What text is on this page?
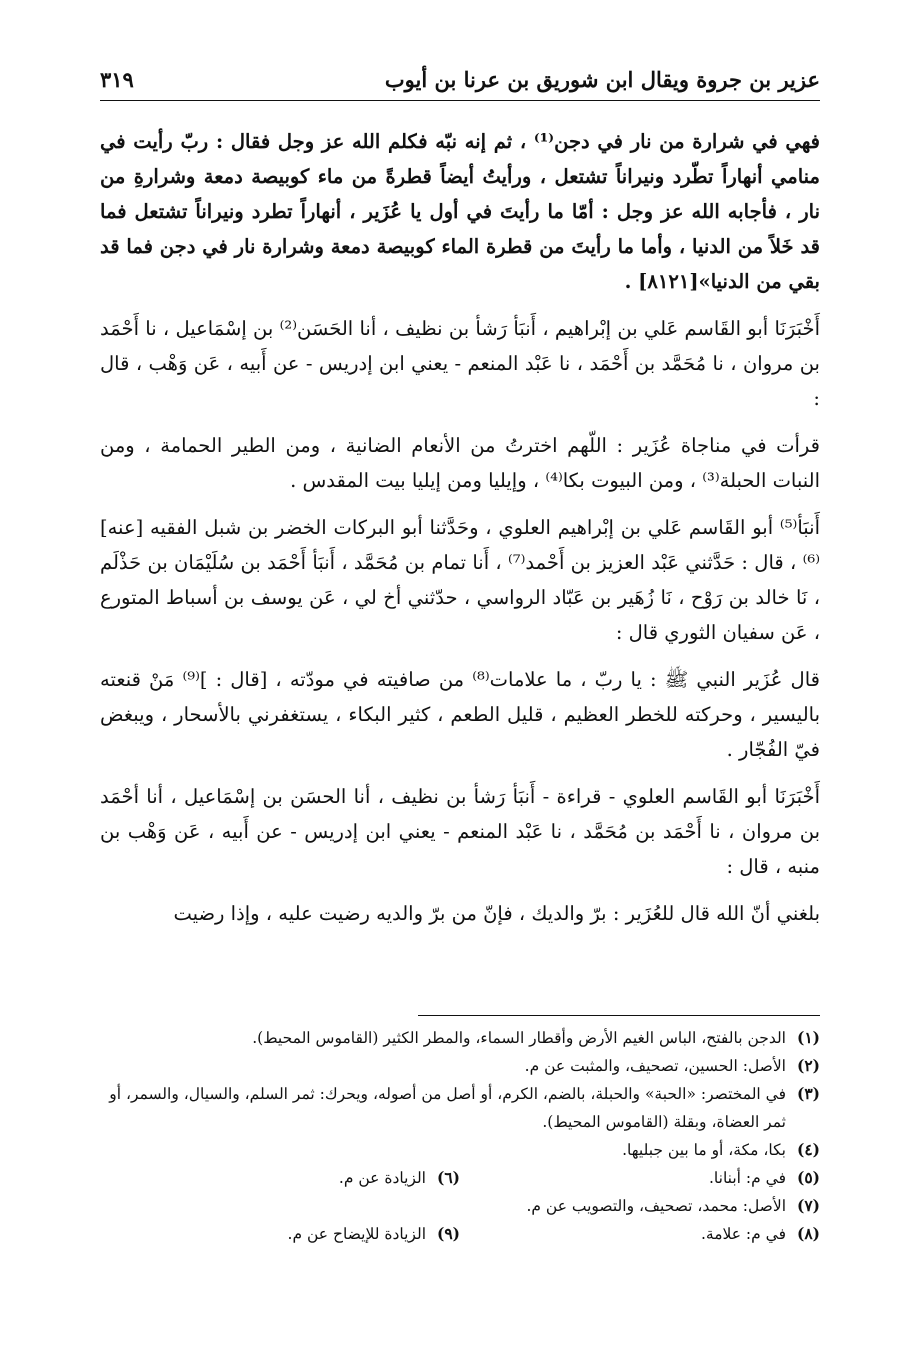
عزير بن جروة ويقال ابن شوريق بن عرنا بن أيوب
٣١٩

فهي في شرارة من نار في دجن⁽¹⁾ ، ثم إنه نبّه فكلم الله عز وجل فقال : ربّ رأيت في منامي أنهاراً تطّرد ونيراناً تشتعل ، ورأيتُ أيضاً قطرةً من ماء كوبيصة دمعة وشرارةِ من نار ، فأجابه الله عز وجل : أمّا ما رأيتَ في أول يا عُزَير ، أنهاراً تطرد ونيراناً تشتعل فما قد خَلاً من الدنيا ، وأما ما رأيتَ من قطرة الماء كوبيصة دمعة وشرارة نار في دجن فما قد بقي من الدنيا»[٨١٢١] .

أَخْبَرَنَا أبو القَاسم عَلي بن إبْراهيم ، أَنبَأ رَشأ بن نظيف ، أنا الحَسَن⁽²⁾ بن إسْمَاعيل ، نا أَحْمَد بن مروان ، نا مُحَمَّد بن أَحْمَد ، نا عَبْد المنعم - يعني ابن إدريس - عن أَبيه ، عَن وَهْب ، قال :

قرأت في مناجاة عُزَير : اللّهم اخترتُ من الأنعام الضانية ، ومن الطير الحمامة ، ومن النبات الحبلة⁽³⁾ ، ومن البيوت بكا⁽⁴⁾ ، وإيليا ومن إيليا بيت المقدس .

أَنبَأ⁽⁵⁾ أبو القَاسم عَلي بن إبْراهيم العلوي ، وحَدَّثنا أبو البركات الخضر بن شبل الفقيه [عنه]⁽⁶⁾ ، قال : حَدَّثني عَبْد العزيز بن أَحْمد⁽⁷⁾ ، أَنا تمام بن مُحَمَّد ، أَنبَأ أَحْمَد بن سُلَيْمَان بن حَذْلَم ، نَا خالد بن رَوْح ، نَا زُهَير بن عَبّاد الرواسي ، حدّثني أخ لي ، عَن يوسف بن أسباط المتورع ، عَن سفيان الثوري قال :

قال عُزَير النبي ﷺ : يا ربّ ، ما علامات⁽⁸⁾ من صافيته في مودّته ، [قال : ]⁽⁹⁾ مَنْ قنعته باليسير ، وحركته للخطر العظيم ، قليل الطعم ، كثير البكاء ، يستغفرني بالأسحار ، ويبغض فيّ الفُجّار .

أَخْبَرَنَا أبو القَاسم العلوي - قراءة - أَنبَأ رَشأ بن نظيف ، أنا الحسَن بن إسْمَاعيل ، أنا أحْمَد بن مروان ، نا أَحْمَد بن مُحَمَّد ، نا عَبْد المنعم - يعني ابن إدريس - عن أَبيه ، عَن وَهْب بن منبه ، قال :

بلغني أنّ الله قال للعُزَير : برّ والديك ، فإنّ من برّ والديه رضيت عليه ، وإذا رضيت

(١)
الدجن بالفتح، الباس الغيم الأرض وأقطار السماء، والمطر الكثير (القاموس المحيط).
(٢)
الأصل: الحسين، تصحيف، والمثبت عن م.
(٣)
في المختصر: «الحبة» والحبلة، بالضم، الكرم، أو أصل من أصوله، ويحرك: ثمر السلم، والسيال، والسمر، أو ثمر العضاة، وبقلة (القاموس المحيط).
(٤)
بكا، مكة، أو ما بين جبليها.
(٥)
في م: أبنانا.
(٦)
الزيادة عن م.
(٧)
الأصل: محمد، تصحيف، والتصويب عن م.
(٨)
في م: علامة.
(٩)
الزيادة للإيضاح عن م.
